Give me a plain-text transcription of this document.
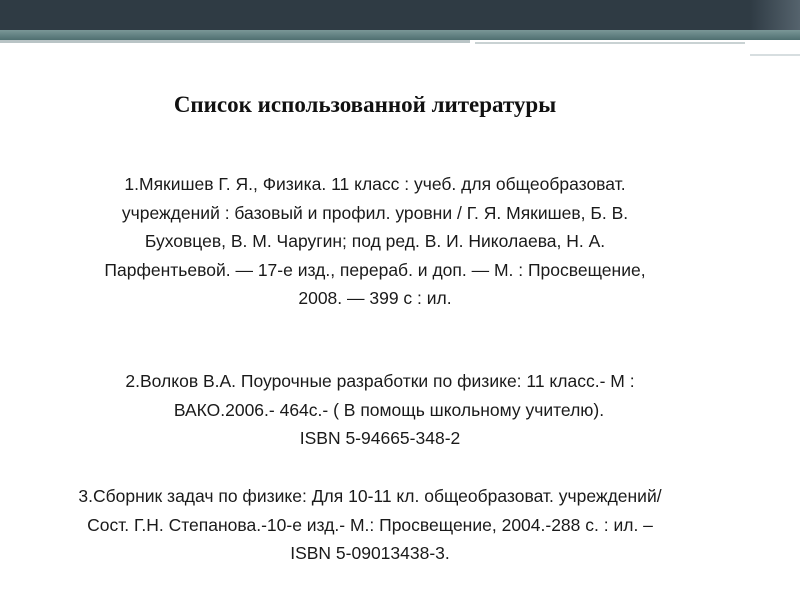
Список использованной литературы

1.Мякишев Г. Я., Физика. 11 класс : учеб. для общеобразоват.
учреждений : базовый и профил. уровни / Г. Я. Мякишев, Б. В.
Буховцев, В. М. Чаругин; под ред. В. И. Николаева, Н. А.
Парфентьевой. — 17-е изд., перераб. и доп. — М. : Просвещение,
2008. — 399 с : ил.

2.Волков В.А. Поурочные разработки по физике: 11 класс.- М :
ВАКО.2006.- 464с.- ( В помощь школьному учителю).
ISBN 5-94665-348-2

3.Сборник задач по физике: Для 10-11 кл. общеобразоват. учреждений/
Сост. Г.Н. Степанова.-10-е изд.- М.: Просвещение, 2004.-288 с. : ил. –
ISBN 5-09013438-3.
